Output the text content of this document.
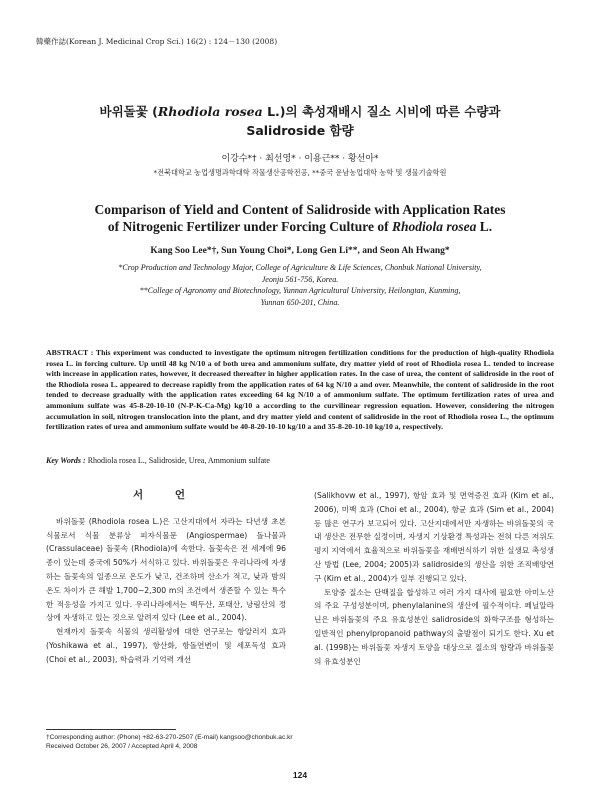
韓藥作誌(Korean J. Medicinal Crop Sci.) 16(2) : 124－130 (2008)
바위돌꽃 (Rhodiola rosea L.)의 촉성재배시 질소 시비에 따른 수량과
Salidroside 함량
이강수*† · 최선영* · 이용근** · 황선아*
*전북대학교 농업생명과학대학 작물생산공학전공, **중국 운남농업대학 농학 및 생물기술학원
Comparison of Yield and Content of Salidroside with Application Rates
of Nitrogenic Fertilizer under Forcing Culture of Rhodiola rosea L.
Kang Soo Lee*†, Sun Young Choi*, Long Gen Li**, and Seon Ah Hwang*
*Crop Production and Technology Major, College of Agriculture & Life Sciences, Chonbuk National University,
Jeonju 561-756, Korea.
**College of Agronomy and Biotechnology, Yunnan Agricultural University, Heilongtan, Kunming,
Yunnan 650-201, China.
ABSTRACT : This experiment was conducted to investigate the optimum nitrogen fertilization conditions for the production of high-quality Rhodiola rosea L. in forcing culture. Up until 48 kg N/10 a of both urea and ammonium sulfate, dry matter yield of root of Rhodiola rosea L. tended to increase with increase in application rates, however, it decreased thereafter in higher application rates. In the case of urea, the content of salidroside in the root of the Rhodiola rosea L. appeared to decrease rapidly from the application rates of 64 kg N/10 a and over. Meanwhile, the content of salidroside in the root tended to decrease gradually with the application rates exceeding 64 kg N/10 a of ammonium sulfate. The optimum fertilization rates of urea and ammonium sulfate was 45-8-20-10-10 (N-P-K-Ca-Mg) kg/10 a according to the curvilinear regression equation. However, considering the nitrogen accumulation in soil, nitrogen translocation into the plant, and dry matter yield and content of salidroside in the root of Rhodiola rosea L., the optimum fertilization rates of urea and ammonium sulfate would be 40-8-20-10-10 kg/10 a and 35-8-20-10-10 kg/10 a, respectively.
Key Words : Rhodiola rosea L., Salidroside, Urea, Ammonium sulfate
서 언

바위돌꽃 (Rhodiola rosea L.)은 고산지대에서 자라는 다년생 초본식물로서 식물 분류상 피자식물문 (Angiospermae) 돌나물과 (Crassulaceae) 돌꽃속 (Rhodiola)에 속한다. 돌꽃속은 전 세계에 96종이 있는데 중국에 50%가 서식하고 있다. 바위돌꽃은 우리나라에 자생하는 돌꽃속의 일종으로 온도가 낮고, 건조하며 산소가 적고, 낮과 밤의 온도 차이가 큰 해발 1,700~2,300 m의 조건에서 생존할 수 있는 특수한 적응성을 가지고 있다. 우리나라에서는 백두산, 포태산, 낭림산의 정상에 자생하고 있는 것으로 알려져 있다 (Lee et al., 2004).

현재까지 돌꽃속 식물의 생리활성에 대한 연구로는 항알러지 효과 (Yoshikawa et al., 1997), 항산화, 항돌연변이 및 세포독성 효과 (Choi et al., 2003), 학습력과 기억력 개선

(Salikhovw et al., 1997), 항암 효과 및 면역증진 효과 (Kim et al., 2006), 미백 효과 (Choi et al., 2004), 항균 효과 (Sim et al., 2004) 등 많은 연구가 보고되어 있다. 고산지대에서만 자생하는 바위돌꽃의 국내 생산은 전무한 실정이며, 자생지 기상환경 특성과는 전혀 다른 저위도 평지 지역에서 효율적으로 바위돌꽃을 재배번식하기 위한 실생묘 촉성생산 방법 (Lee, 2004; 2005)과 salidroside의 생산을 위한 조직배양연구 (Kim et al., 2004)가 일부 진행되고 있다.

토양중 질소는 단백질을 합성하고 여러 가지 대사에 필요한 아미노산의 주요 구성성분이며, phenylalanine의 생산에 필수적이다. 페닐알라닌은 바위돌꽃의 주요 유효성분인 salidroside의 화학구조를 형성하는 일반적인 phenylpropanoid pathway의 출발점이 되기도 한다. Xu et al. (1998)는 바위돌꽃 자생지 토양을 대상으로 질소의 함량과 바위돌꽃의 유효성분인

†Corresponding author: (Phone) +82-63-270-2507 (E-mail) kangsoo@chonbuk.ac.kr
Received October 26, 2007 / Accepted April 4, 2008
124
